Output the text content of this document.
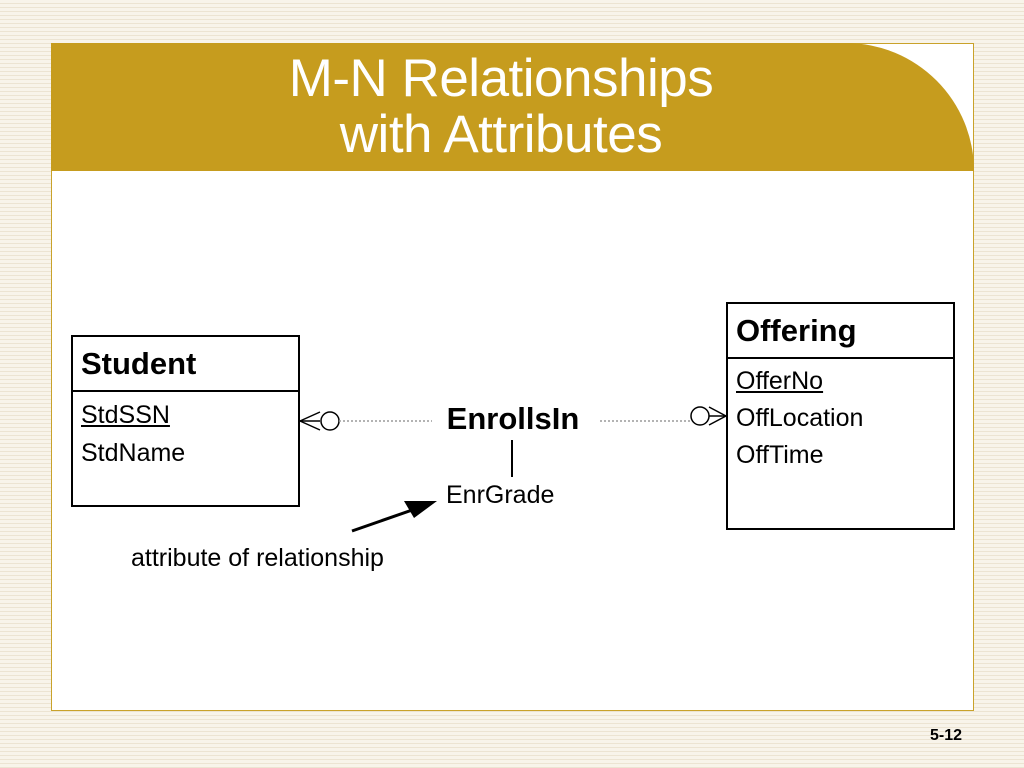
M-N Relationships
with Attributes
Student
StdSSN
StdName
Offering
OfferNo
OffLocation
OffTime
EnrollsIn
EnrGrade
attribute of relationship
5-12
